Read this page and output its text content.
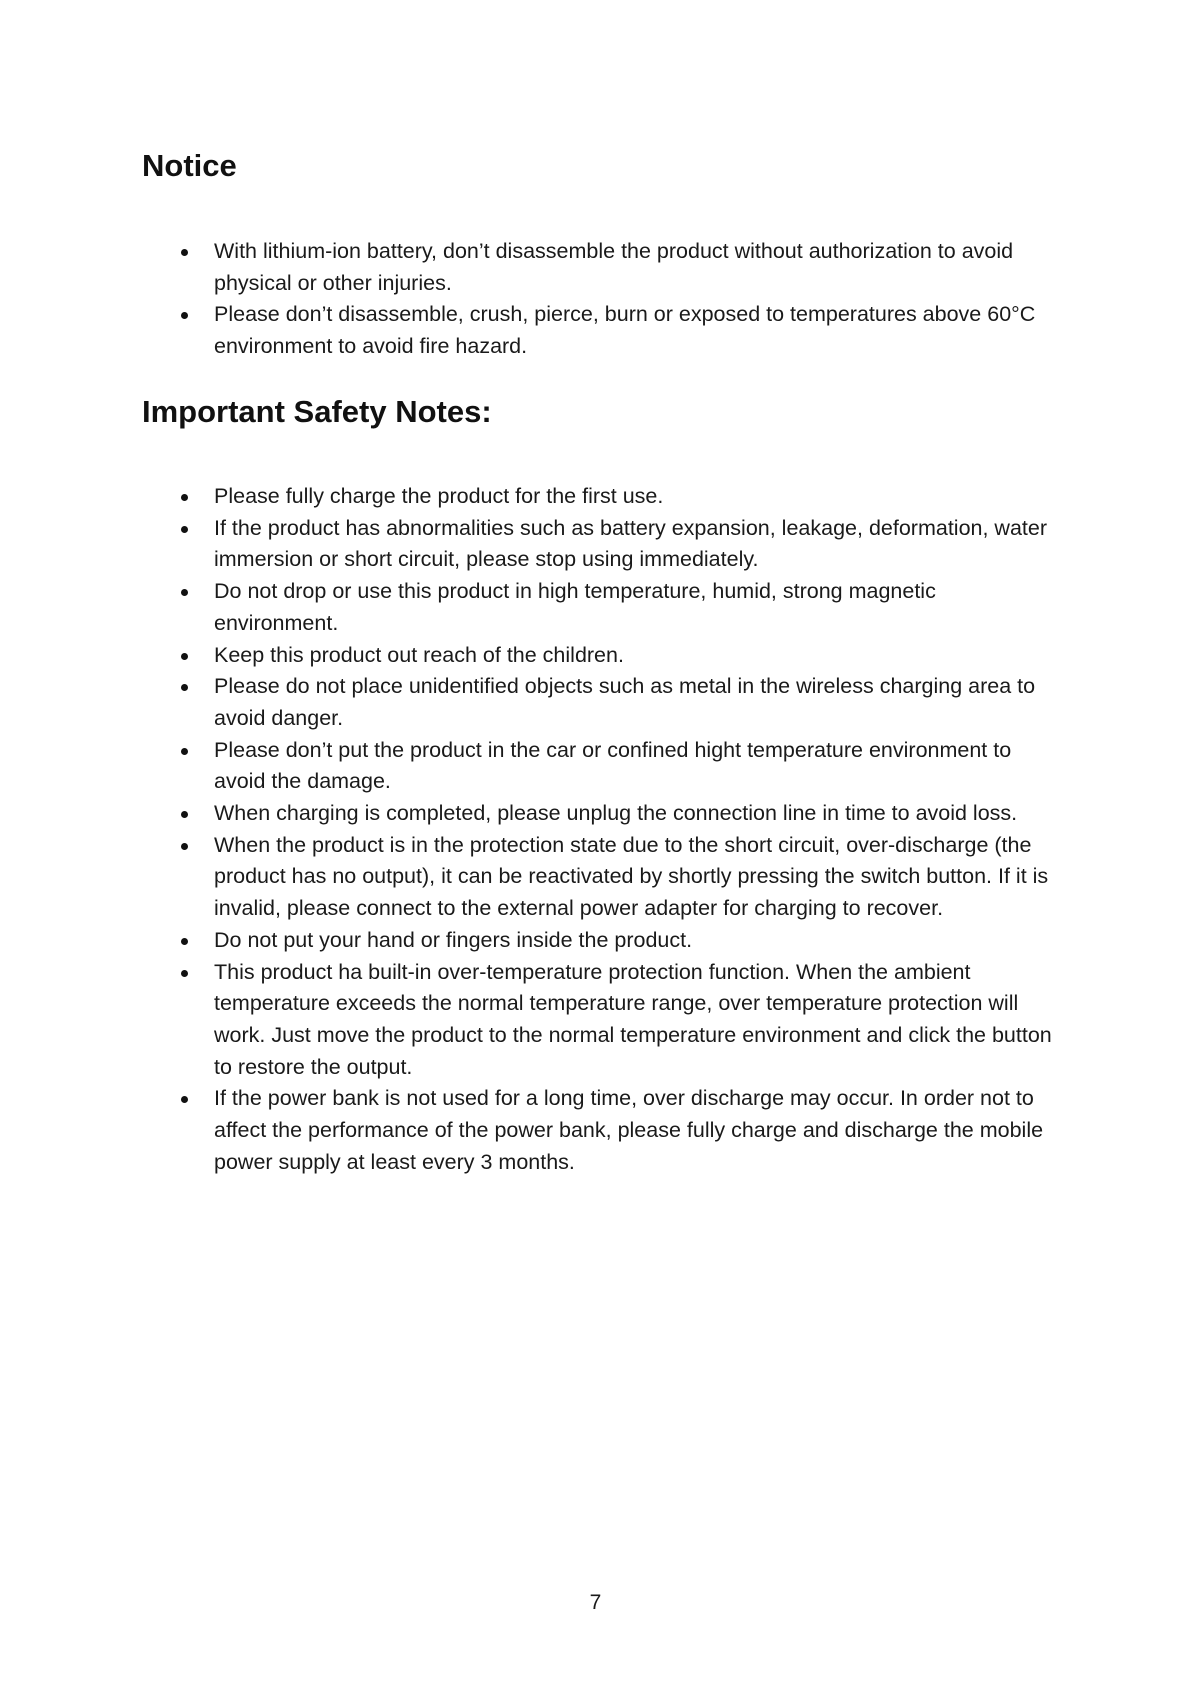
Notice
With lithium-ion battery, don’t disassemble the product without authorization to avoid physical or other injuries.
Please don’t disassemble, crush, pierce, burn or exposed to temperatures above 60°C environment to avoid fire hazard.
Important Safety Notes:
Please fully charge the product for the first use.
If the product has abnormalities such as battery expansion, leakage, deformation, water immersion or short circuit, please stop using immediately.
Do not drop or use this product in high temperature, humid, strong magnetic environment.
Keep this product out reach of the children.
Please do not place unidentified objects such as metal in the wireless charging area to avoid danger.
Please don’t put the product in the car or confined hight temperature environment to avoid the damage.
When charging is completed, please unplug the connection line in time to avoid loss.
When the product is in the protection state due to the short circuit, over-discharge (the product has no output), it can be reactivated by shortly pressing the switch button. If it is invalid, please connect to the external power adapter for charging to recover.
Do not put your hand or fingers inside the product.
This product ha built-in over-temperature protection function. When the ambient temperature exceeds the normal temperature range, over temperature protection will work. Just move the product to the normal temperature environment and click the button to restore the output.
If the power bank is not used for a long time, over discharge may occur. In order not to affect the performance of the power bank, please fully charge and discharge the mobile power supply at least every 3 months.
7
